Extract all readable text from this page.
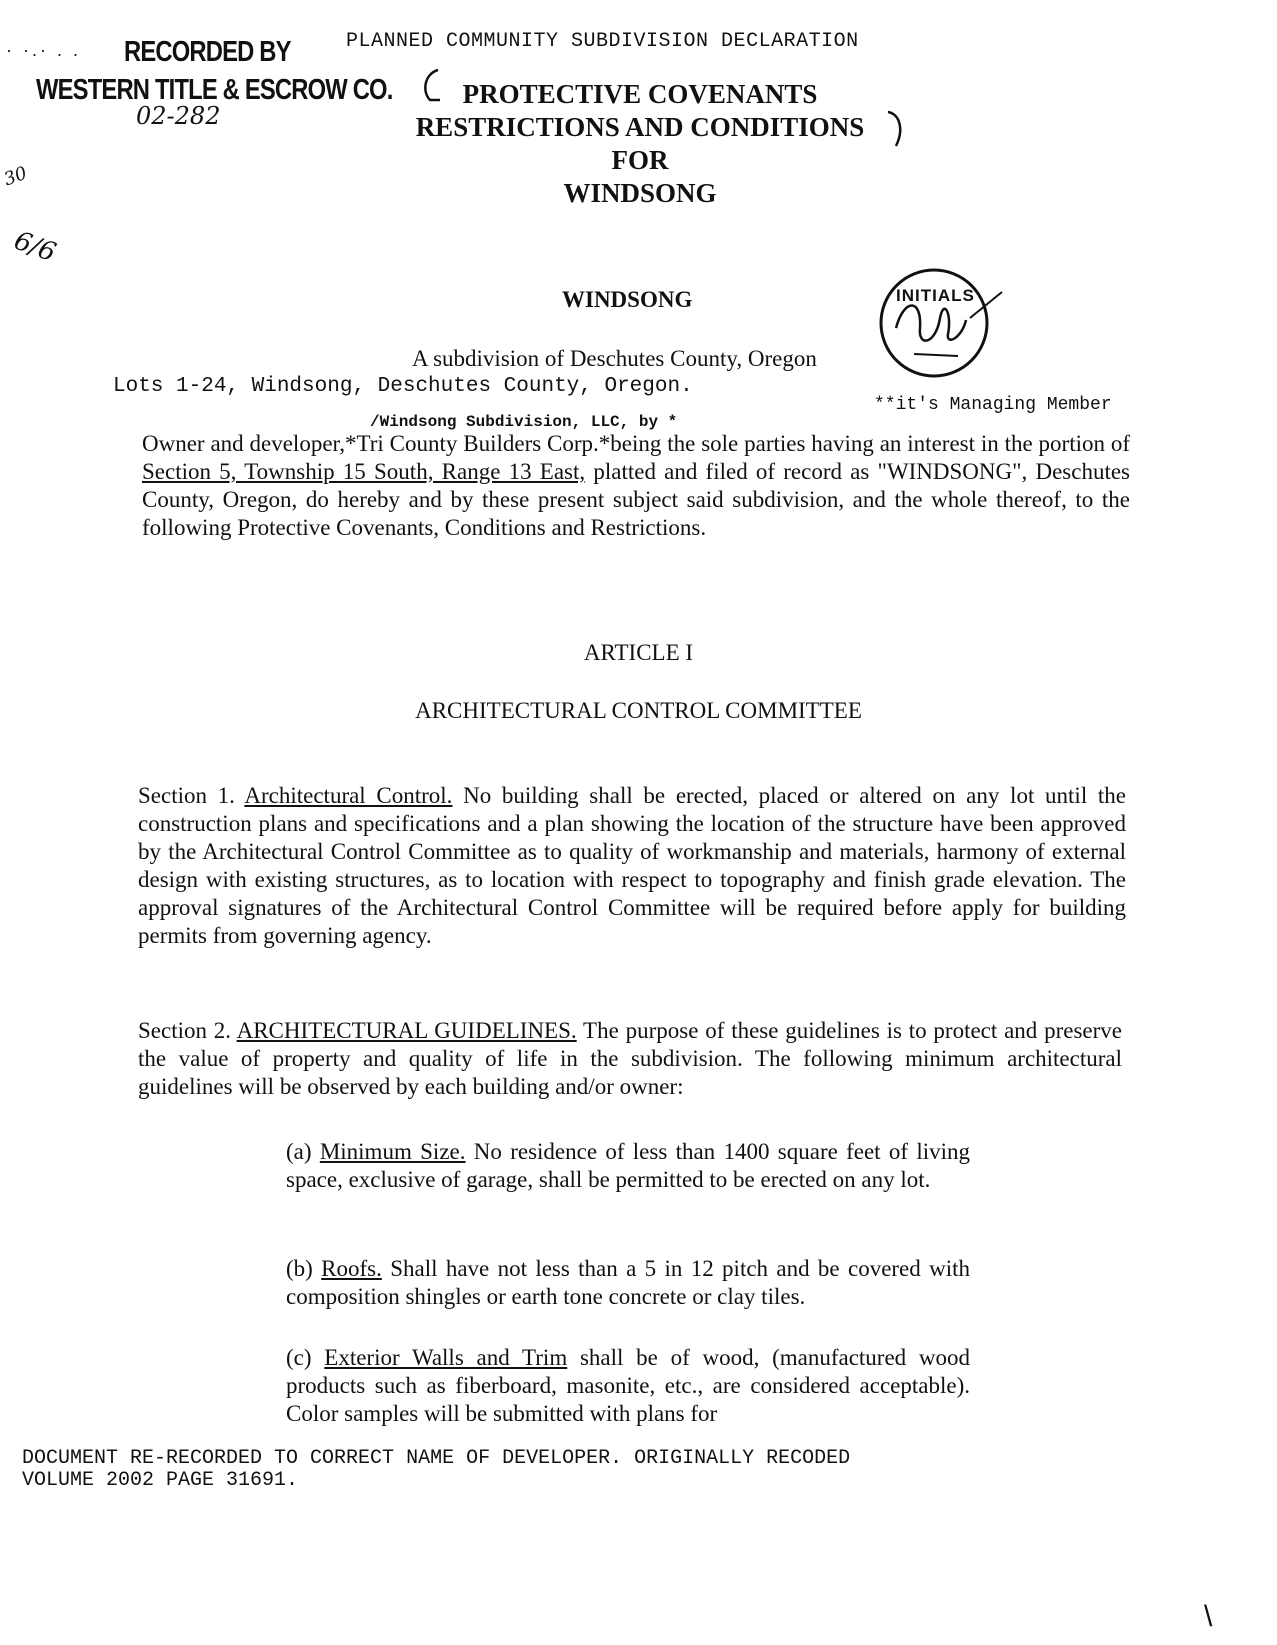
· ·.· . . RECORDED BY
WESTERN TITLE & ESCROW CO.
02-282
30
6/6
\
PLANNED COMMUNITY SUBDIVISION DECLARATION
PROTECTIVE COVENANTS
RESTRICTIONS AND CONDITIONS
FOR
WINDSONG
INITIALS
WINDSONG
A subdivision of Deschutes County, Oregon
Lots 1-24, Windsong, Deschutes County, Oregon.
**it's Managing Member
/Windsong Subdivision, LLC, by *
Owner and developer,*Tri County Builders Corp.*being the sole parties having an interest in the portion of Section 5, Township 15 South, Range 13 East, platted and filed of record as "WINDSONG", Deschutes County, Oregon, do hereby and by these present subject said subdivision, and the whole thereof, to the following Protective Covenants, Conditions and Restrictions.
ARTICLE I
ARCHITECTURAL CONTROL COMMITTEE
Section 1. Architectural Control. No building shall be erected, placed or altered on any lot until the construction plans and specifications and a plan showing the location of the structure have been approved by the Architectural Control Committee as to quality of workmanship and materials, harmony of external design with existing structures, as to location with respect to topography and finish grade elevation. The approval signatures of the Architectural Control Committee will be required before apply for building permits from governing agency.
Section 2. ARCHITECTURAL GUIDELINES. The purpose of these guidelines is to protect and preserve the value of property and quality of life in the subdivision. The following minimum architectural guidelines will be observed by each building and/or owner:
(a) Minimum Size. No residence of less than 1400 square feet of living space, exclusive of garage, shall be permitted to be erected on any lot.
(b) Roofs. Shall have not less than a 5 in 12 pitch and be covered with composition shingles or earth tone concrete or clay tiles.
(c) Exterior Walls and Trim shall be of wood, (manufactured wood products such as fiberboard, masonite, etc., are considered acceptable). Color samples will be submitted with plans for
DOCUMENT RE-RECORDED TO CORRECT NAME OF DEVELOPER. ORIGINALLY RECODED
VOLUME 2002 PAGE 31691.
